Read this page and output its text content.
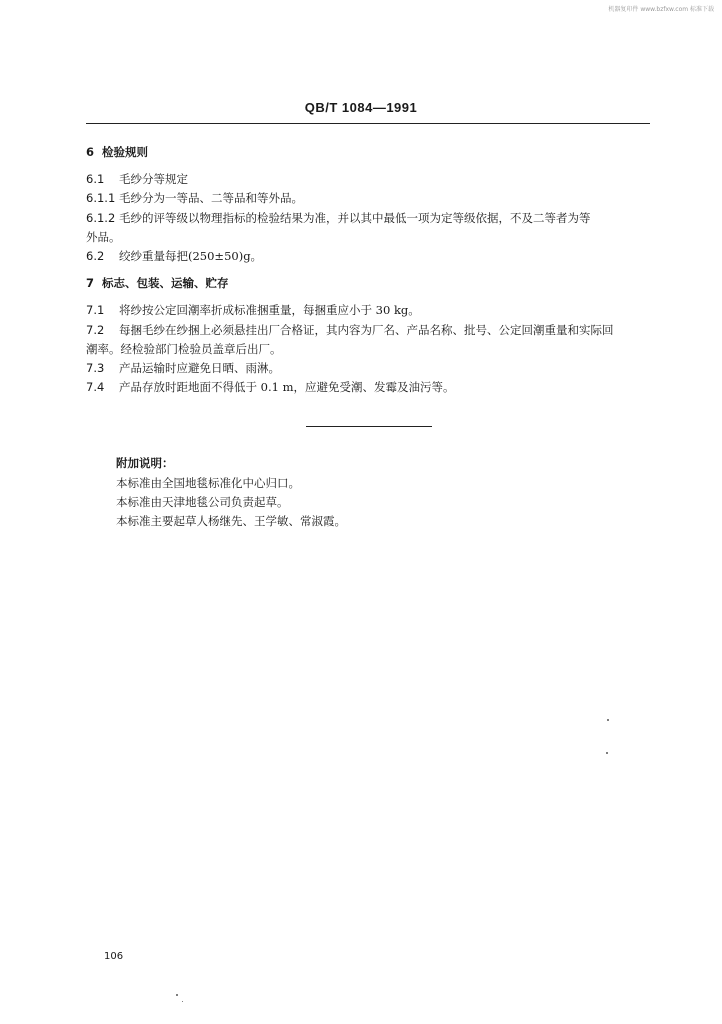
机器复印件 www.bzfxw.com 标准下载
QB/T 1084—1991
6 检验规则
6.1 毛纱分等规定
6.1.1 毛纱分为一等品、二等品和等外品。
6.1.2 毛纱的评等级以物理指标的检验结果为准，并以其中最低一项为定等级依据，不及二等者为等
外品。
6.2 绞纱重量每把(250±50)g。
7 标志、包装、运输、贮存
7.1 将纱按公定回潮率折成标准捆重量，每捆重应小于 30 kg。
7.2 每捆毛纱在纱捆上必须悬挂出厂合格证，其内容为厂名、产品名称、批号、公定回潮重量和实际回
潮率。经检验部门检验员盖章后出厂。
7.3 产品运输时应避免日晒、雨淋。
7.4 产品存放时距地面不得低于 0.1 m，应避免受潮、发霉及油污等。
附加说明：
本标准由全国地毯标准化中心归口。
本标准由天津地毯公司负责起草。
本标准主要起草人杨继先、王学敏、常淑霞。
106
